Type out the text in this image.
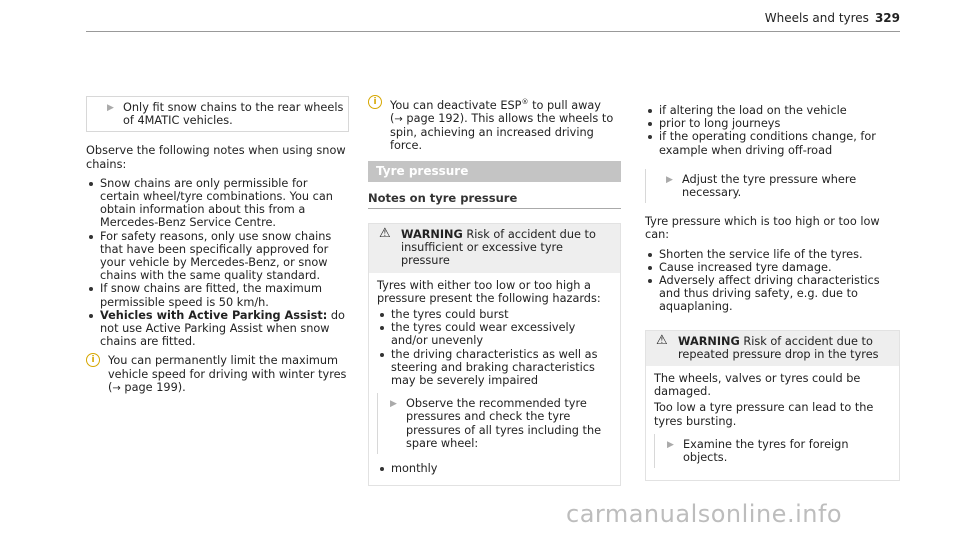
Wheels and tyres 329
▶ Only fit snow chains to the rear wheels of 4MATIC vehicles.

Observe the following notes when using snow chains:

Snow chains are only permissible for certain wheel/tyre combinations. You can obtain information about this from a Mercedes-Benz Service Centre.
For safety reasons, only use snow chains that have been specifically approved for your vehicle by Mercedes-Benz, or snow chains with the same quality standard.
If snow chains are fitted, the maximum permissible speed is 50 km/h.
Vehicles with Active Parking Assist: do not use Active Parking Assist when snow chains are fitted.
i	You can permanently limit the maximum vehicle speed for driving with winter tyres
(→ page 199).
i	You can deactivate ESP® to pull away
(→ page 192). This allows the wheels to spin, achieving an increased driving force.
Tyre pressure
Notes on tyre pressure
⚠ WARNING Risk of accident due to insufficient or excessive tyre pressure

Tyres with either too low or too high a pressure present the following hazards:

the tyres could burst
the tyres could wear excessively and/or unevenly
the driving characteristics as well as steering and braking characteristics may be severely impaired
▶ Observe the recommended tyre pressures and check the tyre pressures of all tyres including the spare wheel:
monthly
if altering the load on the vehicle
prior to long journeys
if the operating conditions change, for example when driving off-road
▶ Adjust the tyre pressure where necessary.

Tyre pressure which is too high or too low can:

Shorten the service life of the tyres.
Cause increased tyre damage.
Adversely affect driving characteristics and thus driving safety, e.g. due to aquaplaning.
⚠ WARNING Risk of accident due to repeated pressure drop in the tyres

The wheels, valves or tyres could be damaged.

Too low a tyre pressure can lead to the tyres bursting.

▶ Examine the tyres for foreign objects.
carmanualsonline.info
